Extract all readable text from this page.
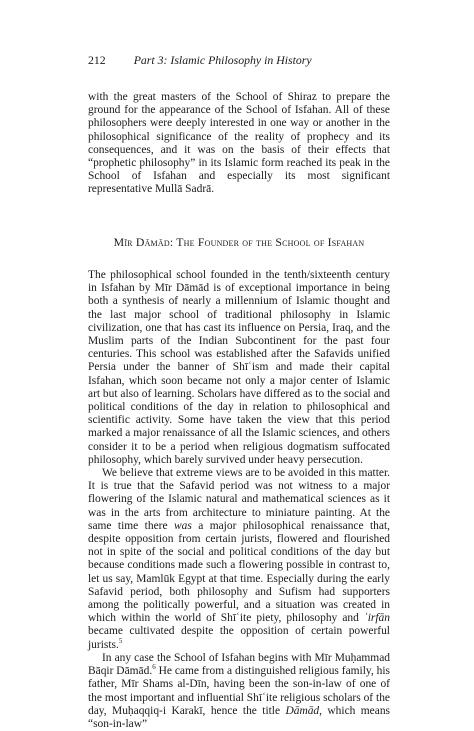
212 Part 3: Islamic Philosophy in History

with the great masters of the School of Shiraz to prepare the ground for the appearance of the School of Isfahan. All of these philosophers were deeply interested in one way or another in the philosophical significance of the reality of prophecy and its consequences, and it was on the basis of their effects that “prophetic philosophy” in its Islamic form reached its peak in the School of Isfahan and especially its most significant representative Mullā Sadrā.

Mīr Dāmād: The Founder of the School of Isfahan

The philosophical school founded in the tenth/sixteenth century in Isfahan by Mīr Dāmād is of exceptional importance in being both a synthesis of nearly a millennium of Islamic thought and the last major school of traditional philosophy in Islamic civilization, one that has cast its influence on Persia, Iraq, and the Muslim parts of the Indian Subcontinent for the past four centuries. This school was established after the Safavids unified Persia under the banner of Shīʿism and made their capital Isfahan, which soon became not only a major center of Islamic art but also of learning. Scholars have differed as to the social and political conditions of the day in relation to philosophical and scientific activity. Some have taken the view that this period marked a major renaissance of all the Islamic sciences, and others consider it to be a period when religious dogmatism suffocated philosophy, which barely survived under heavy persecution.

We believe that extreme views are to be avoided in this matter. It is true that the Safavid period was not witness to a major flowering of the Islamic natural and mathematical sciences as it was in the arts from architecture to miniature painting. At the same time there was a major philosophical renaissance that, despite opposition from certain jurists, flowered and flourished not in spite of the social and political conditions of the day but because conditions made such a flowering possible in contrast to, let us say, Mamlūk Egypt at that time. Especially during the early Safavid period, both philosophy and Sufism had supporters among the politically powerful, and a situation was created in which within the world of Shīʿite piety, philosophy and ʿirfān became cultivated despite the opposition of certain powerful jurists.$^5$

In any case the School of Isfahan begins with Mīr Muḥammad Bāqir Dāmād.$^6$ He came from a distinguished religious family, his father, Mīr Shams al-Dīn, having been the son-in-law of one of the most important and influential Shīʿite religious scholars of the day, Muḥaqqiq-i Karakī, hence the title Dāmād, which means “son-in-law”
